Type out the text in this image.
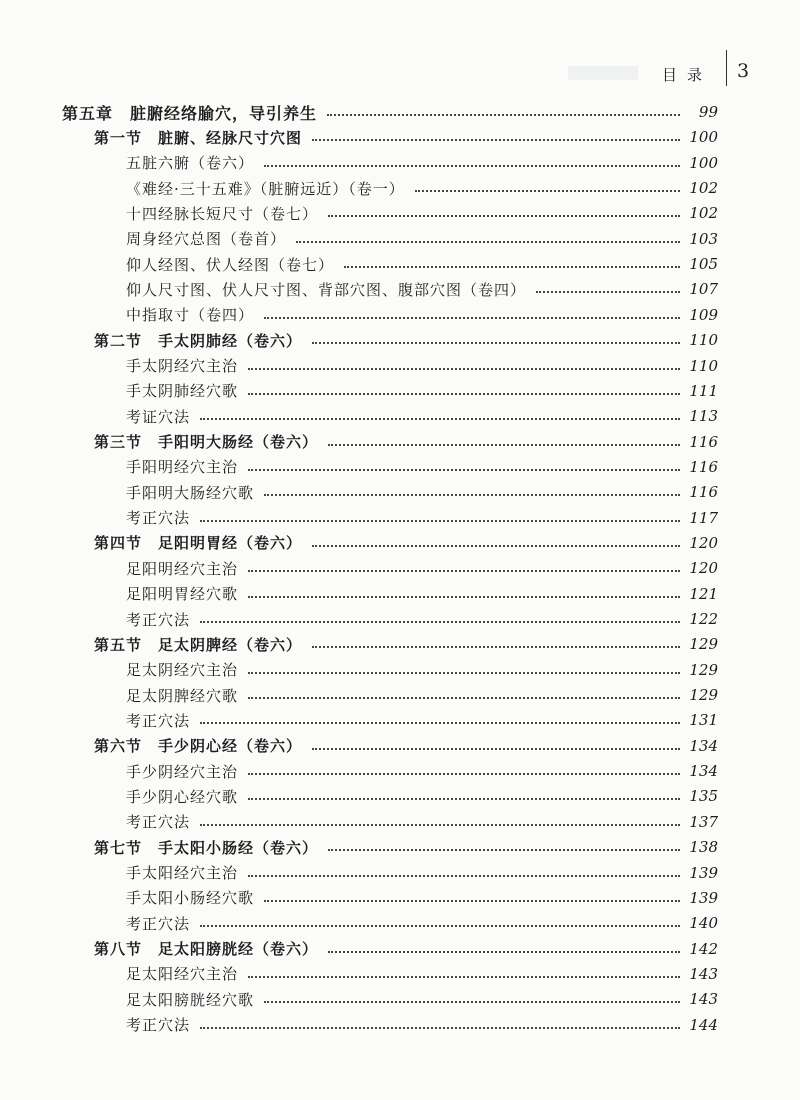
目录 3
第五章　脏腑经络腧穴，导引养生	99
第一节　脏腑、经脉尺寸穴图	100
五脏六腑（卷六）	100
《难经·三十五难》（脏腑远近）（卷一）	102
十四经脉长短尺寸（卷七）	102
周身经穴总图（卷首）	103
仰人经图、伏人经图（卷七）	105
仰人尺寸图、伏人尺寸图、背部穴图、腹部穴图（卷四）	107
中指取寸（卷四）	109
第二节　手太阴肺经（卷六）	110
手太阴经穴主治	110
手太阴肺经穴歌	111
考证穴法	113
第三节　手阳明大肠经（卷六）	116
手阳明经穴主治	116
手阳明大肠经穴歌	116
考正穴法	117
第四节　足阳明胃经（卷六）	120
足阳明经穴主治	120
足阳明胃经穴歌	121
考正穴法	122
第五节　足太阴脾经（卷六）	129
足太阴经穴主治	129
足太阴脾经穴歌	129
考正穴法	131
第六节　手少阴心经（卷六）	134
手少阴经穴主治	134
手少阴心经穴歌	135
考正穴法	137
第七节　手太阳小肠经（卷六）	138
手太阳经穴主治	139
手太阳小肠经穴歌	139
考正穴法	140
第八节　足太阳膀胱经（卷六）	142
足太阳经穴主治	143
足太阳膀胱经穴歌	143
考正穴法	144
